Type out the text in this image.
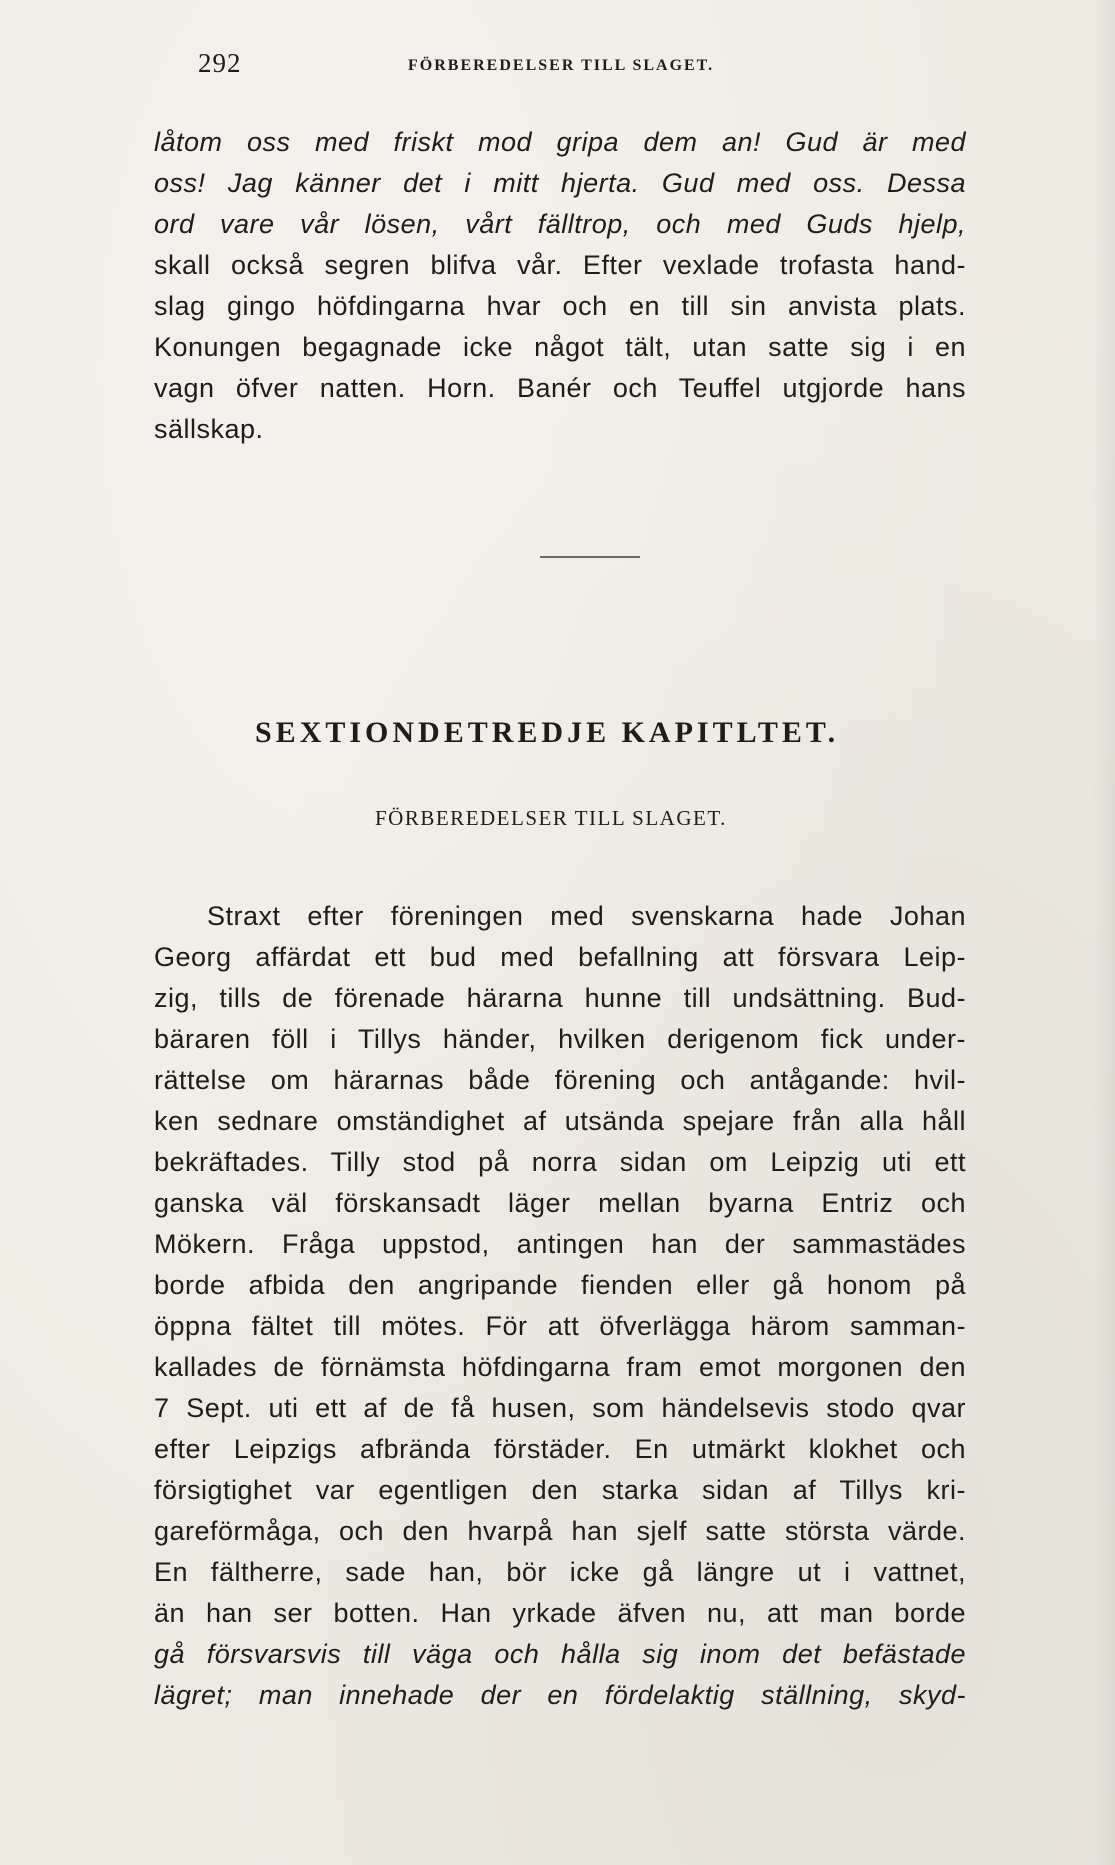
292	FÖRBEREDELSER TILL SLAGET.
låtom oss med friskt mod gripa dem an! Gud är med
oss! Jag känner det i mitt hjerta. Gud med oss. Dessa
ord vare vår lösen, vårt fälltrop, och med Guds hjelp,
skall också segren blifva vår. Efter vexlade trofasta hand-
slag gingo höfdingarna hvar och en till sin anvista plats.
Konungen begagnade icke något tält, utan satte sig i en
vagn öfver natten. Horn. Banér och Teuffel utgjorde hans
sällskap.
SEXTIONDETREDJE KAPITLTET.
FÖRBEREDELSER TILL SLAGET.
Straxt efter föreningen med svenskarna hade Johan
Georg affärdat ett bud med befallning att försvara Leip-
zig, tills de förenade härarna hunne till undsättning. Bud-
bäraren föll i Tillys händer, hvilken derigenom fick under-
rättelse om härarnas både förening och antågande: hvil-
ken sednare omständighet af utsända spejare från alla håll
bekräftades. Tilly stod på norra sidan om Leipzig uti ett
ganska väl förskansadt läger mellan byarna Entriz och
Mökern. Fråga uppstod, antingen han der sammastädes
borde afbida den angripande fienden eller gå honom på
öppna fältet till mötes. För att öfverlägga härom samman-
kallades de förnämsta höfdingarna fram emot morgonen den
7 Sept. uti ett af de få husen, som händelsevis stodo qvar
efter Leipzigs afbrända förstäder. En utmärkt klokhet och
försigtighet var egentligen den starka sidan af Tillys kri-
gareförmåga, och den hvarpå han sjelf satte största värde.
En fältherre, sade han, bör icke gå längre ut i vattnet,
än han ser botten. Han yrkade äfven nu, att man borde
gå försvarsvis till väga och hålla sig inom det befästade
lägret; man innehade der en fördelaktig ställning, skyd-
